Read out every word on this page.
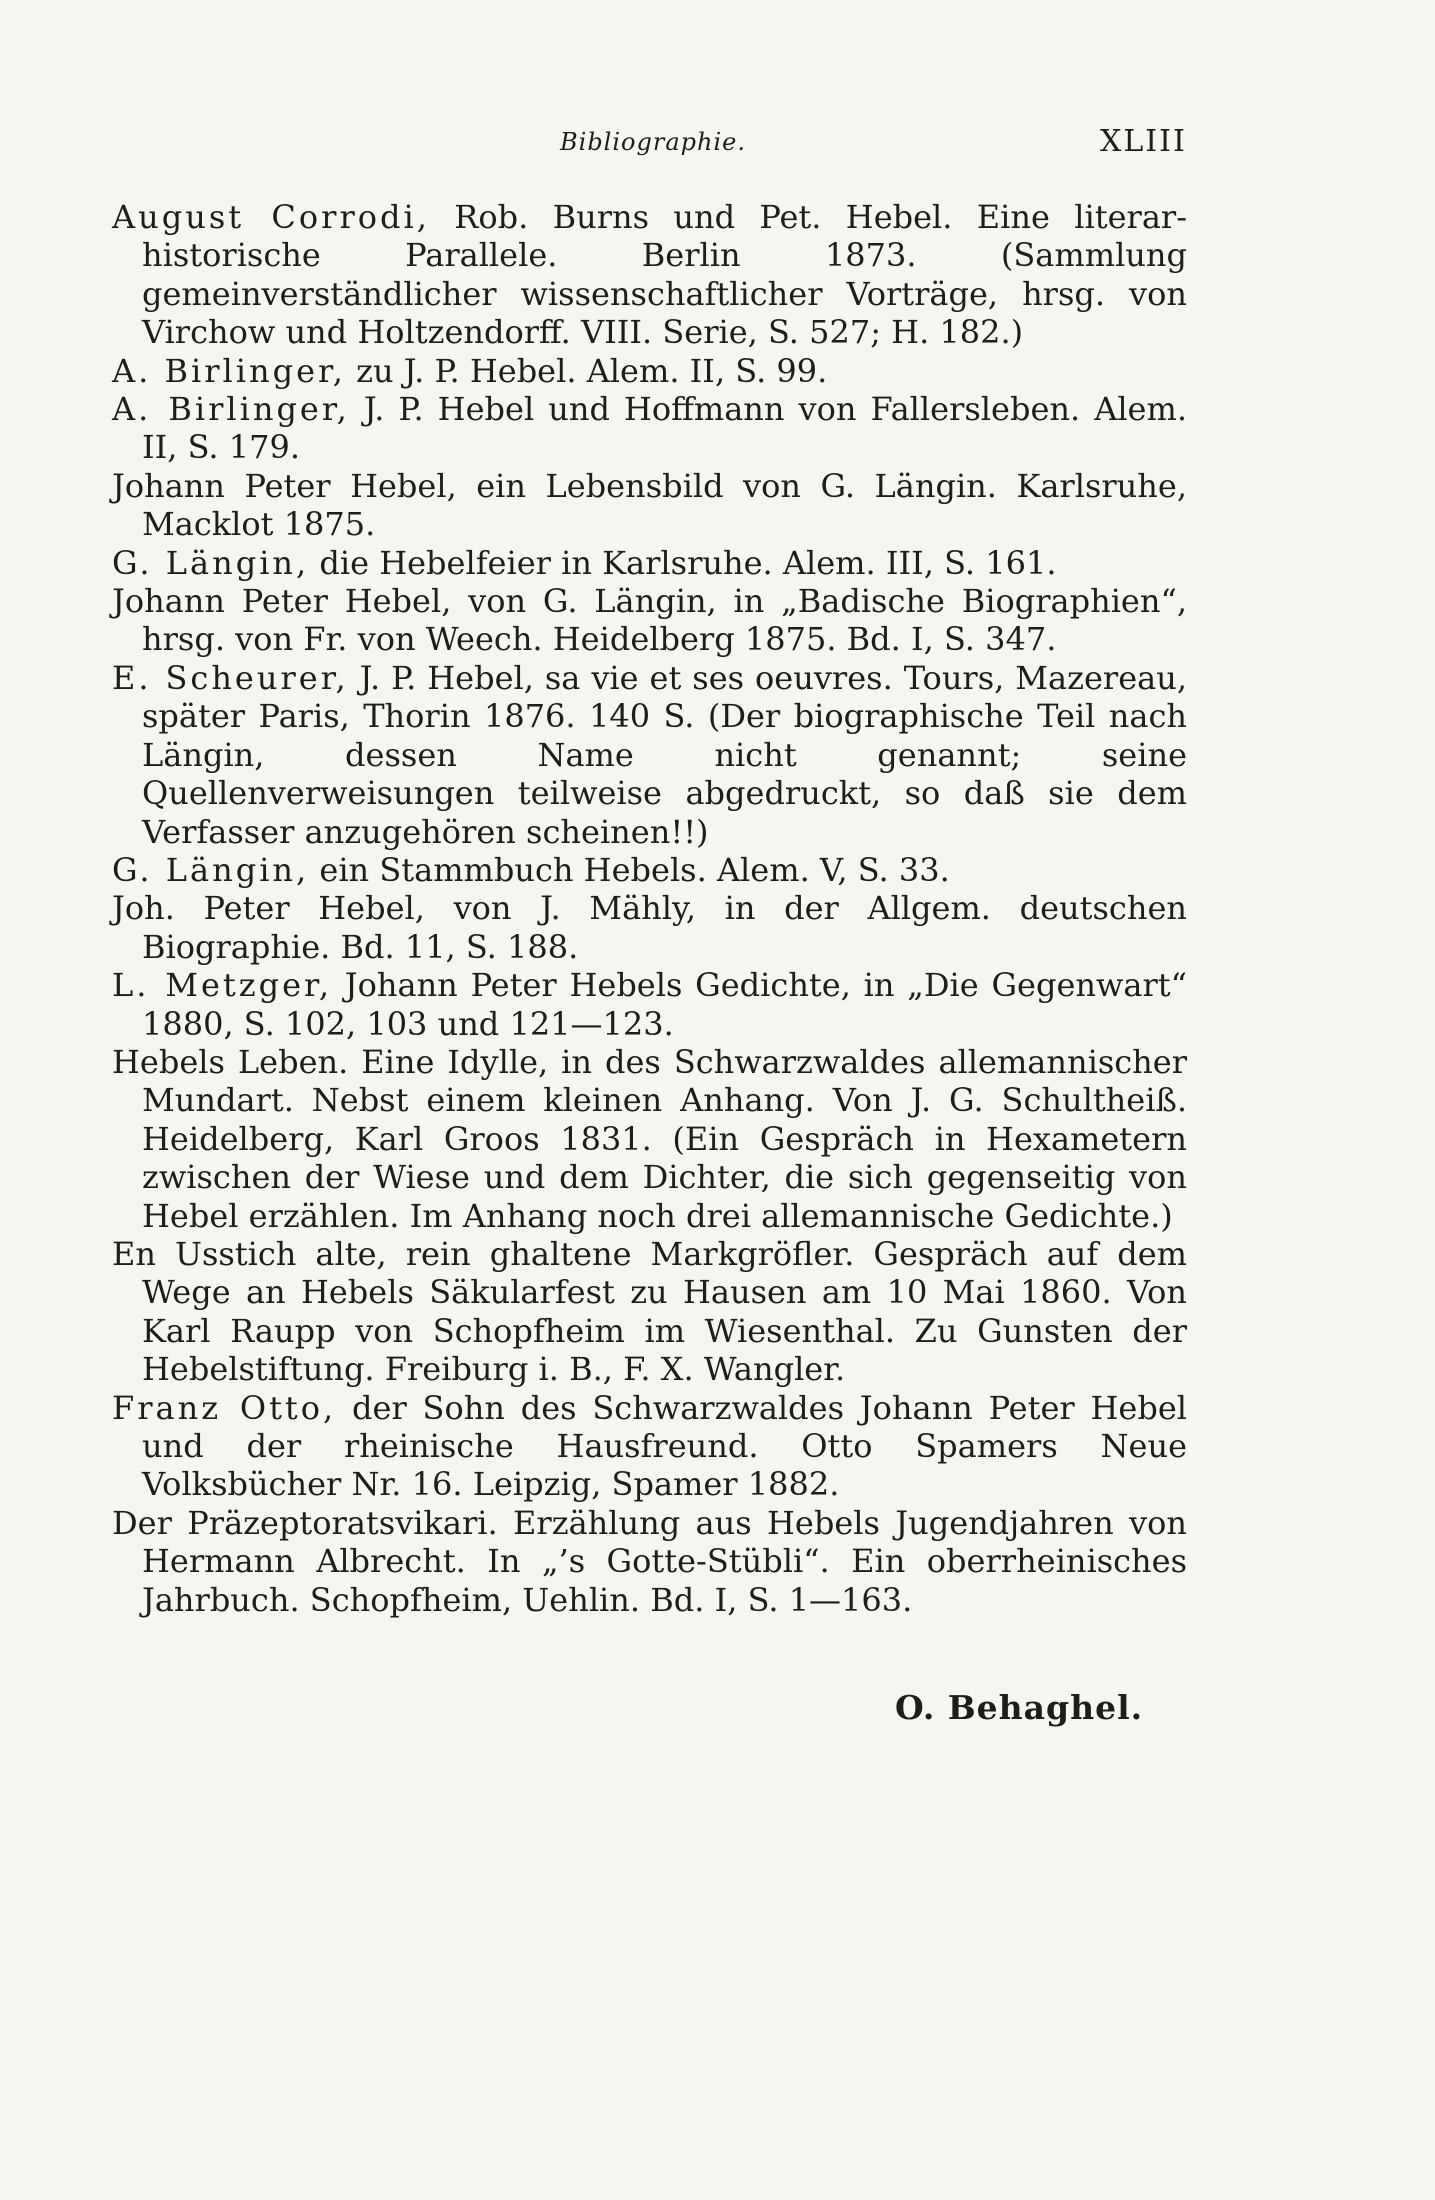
Bibliographie.	XLIII
August Corrodi, Rob. Burns und Pet. Hebel. Eine literar-historische Parallele. Berlin 1873. (Sammlung gemeinverständlicher wissenschaftlicher Vorträge, hrsg. von Virchow und Holtzendorff. VIII. Serie, S. 527; H. 182.)
A. Birlinger, zu J. P. Hebel. Alem. II, S. 99.
A. Birlinger, J. P. Hebel und Hoffmann von Fallersleben. Alem. II, S. 179.
Johann Peter Hebel, ein Lebensbild von G. Längin. Karlsruhe, Macklot 1875.
G. Längin, die Hebelfeier in Karlsruhe. Alem. III, S. 161.
Johann Peter Hebel, von G. Längin, in „Badische Biographien“, hrsg. von Fr. von Weech. Heidelberg 1875. Bd. I, S. 347.
E. Scheurer, J. P. Hebel, sa vie et ses oeuvres. Tours, Mazereau, später Paris, Thorin 1876. 140 S. (Der biographische Teil nach Längin, dessen Name nicht genannt; seine Quellenverweisungen teilweise abgedruckt, so daß sie dem Verfasser anzugehören scheinen!!)
G. Längin, ein Stammbuch Hebels. Alem. V, S. 33.
Joh. Peter Hebel, von J. Mähly, in der Allgem. deutschen Biographie. Bd. 11, S. 188.
L. Metzger, Johann Peter Hebels Gedichte, in „Die Gegenwart“ 1880, S. 102, 103 und 121—123.
Hebels Leben. Eine Idylle, in des Schwarzwaldes allemannischer Mundart. Nebst einem kleinen Anhang. Von J. G. Schultheiß. Heidelberg, Karl Groos 1831. (Ein Gespräch in Hexametern zwischen der Wiese und dem Dichter, die sich gegenseitig von Hebel erzählen. Im Anhang noch drei allemannische Gedichte.)
En Usstich alte, rein ghaltene Markgröfler. Gespräch auf dem Wege an Hebels Säkularfest zu Hausen am 10 Mai 1860. Von Karl Raupp von Schopfheim im Wiesenthal. Zu Gunsten der Hebelstiftung. Freiburg i. B., F. X. Wangler.
Franz Otto, der Sohn des Schwarzwaldes Johann Peter Hebel und der rheinische Hausfreund. Otto Spamers Neue Volksbücher Nr. 16. Leipzig, Spamer 1882.
Der Präzeptoratsvikari. Erzählung aus Hebels Jugendjahren von Hermann Albrecht. In „’s Gotte-Stübli“. Ein oberrheinisches Jahrbuch. Schopfheim, Uehlin. Bd. I, S. 1—163.
O. Behaghel.
